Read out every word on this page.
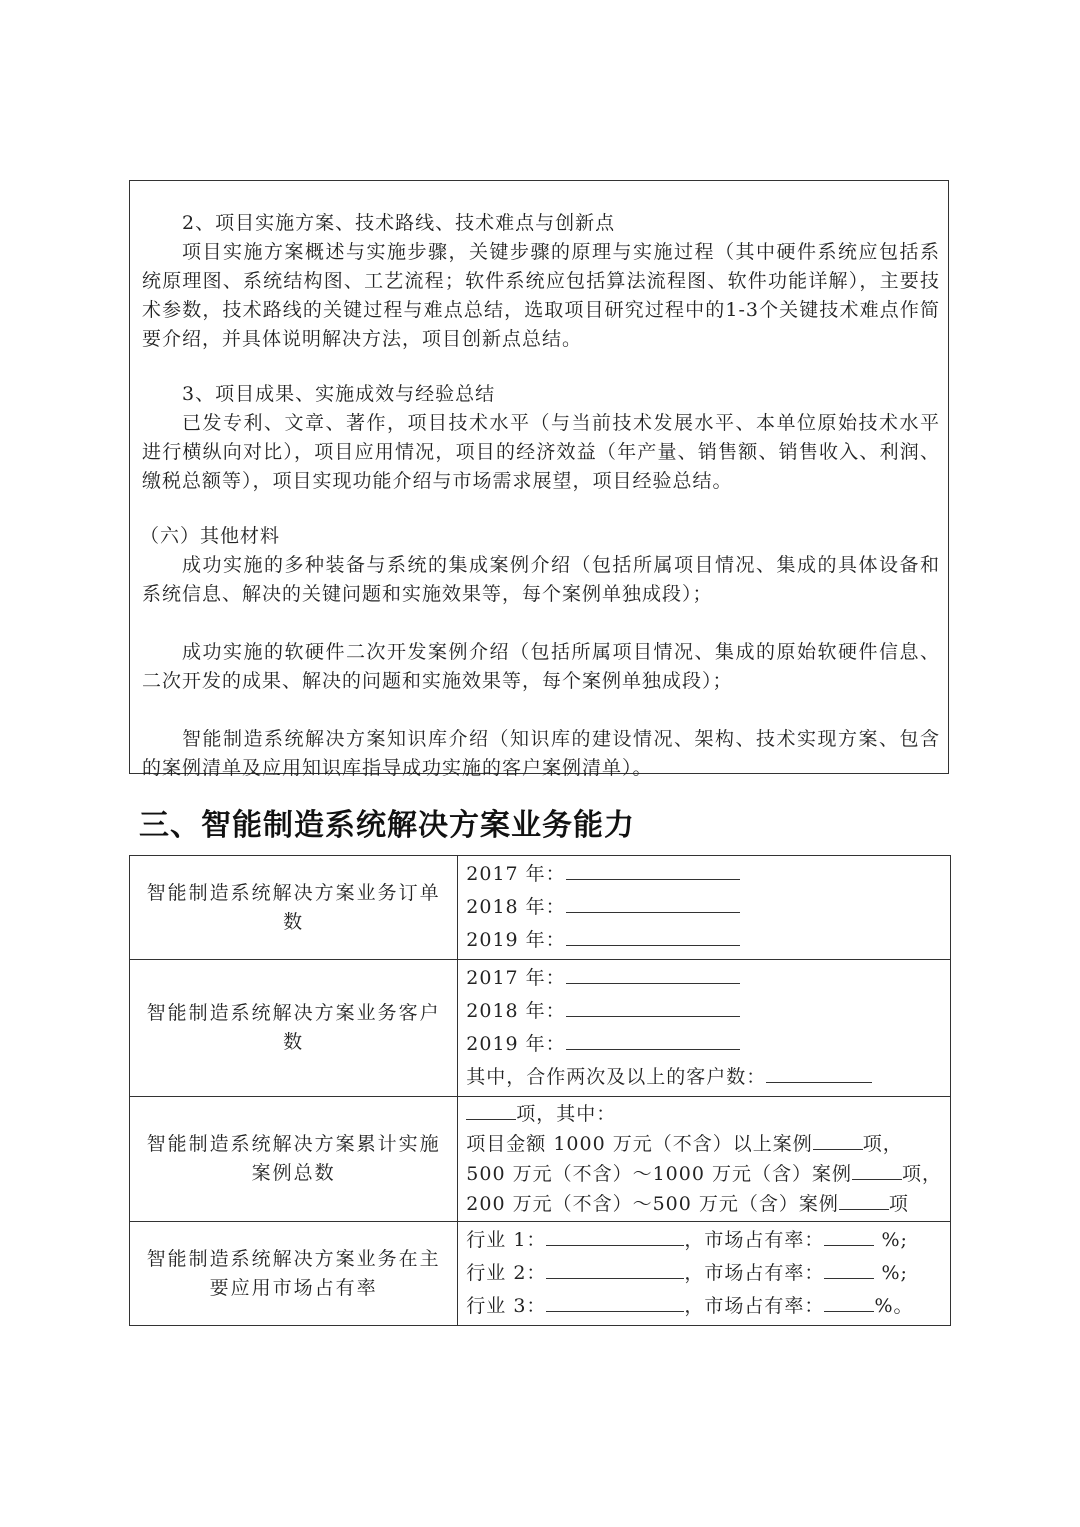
2、项目实施方案、技术路线、技术难点与创新点

项目实施方案概述与实施步骤，关键步骤的原理与实施过程（其中硬件系统应包括系统原理图、系统结构图、工艺流程；软件系统应包括算法流程图、软件功能详解），主要技术参数，技术路线的关键过程与难点总结，选取项目研究过程中的1-3个关键技术难点作简要介绍，并具体说明解决方法，项目创新点总结。

3、项目成果、实施成效与经验总结

已发专利、文章、著作，项目技术水平（与当前技术发展水平、本单位原始技术水平进行横纵向对比），项目应用情况，项目的经济效益（年产量、销售额、销售收入、利润、缴税总额等），项目实现功能介绍与市场需求展望，项目经验总结。

（六）其他材料

成功实施的多种装备与系统的集成案例介绍（包括所属项目情况、集成的具体设备和系统信息、解决的关键问题和实施效果等，每个案例单独成段）；

成功实施的软硬件二次开发案例介绍（包括所属项目情况、集成的原始软硬件信息、二次开发的成果、解决的问题和实施效果等，每个案例单独成段）；

智能制造系统解决方案知识库介绍（知识库的建设情况、架构、技术实现方案、包含的案例清单及应用知识库指导成功实施的客户案例清单）。

三、智能制造系统解决方案业务能力
智能制造系统解决方案业务订单数	2017 年：
2018 年：
2019 年：

智能制造系统解决方案业务客户数	2017 年：
2018 年：
2019 年：
其中，合作两次及以上的客户数：

智能制造系统解决方案累计实施案例总数	项，其中：
项目金额 1000 万元（不含）以上案例 项，
500 万元（不含）～1000 万元（含）案例 项，
200 万元（不含）～500 万元（含）案例 项

智能制造系统解决方案业务在主要应用市场占有率	行业 1： ，市场占有率： %;
行业 2： ，市场占有率： %;
行业 3： ，市场占有率： %。
